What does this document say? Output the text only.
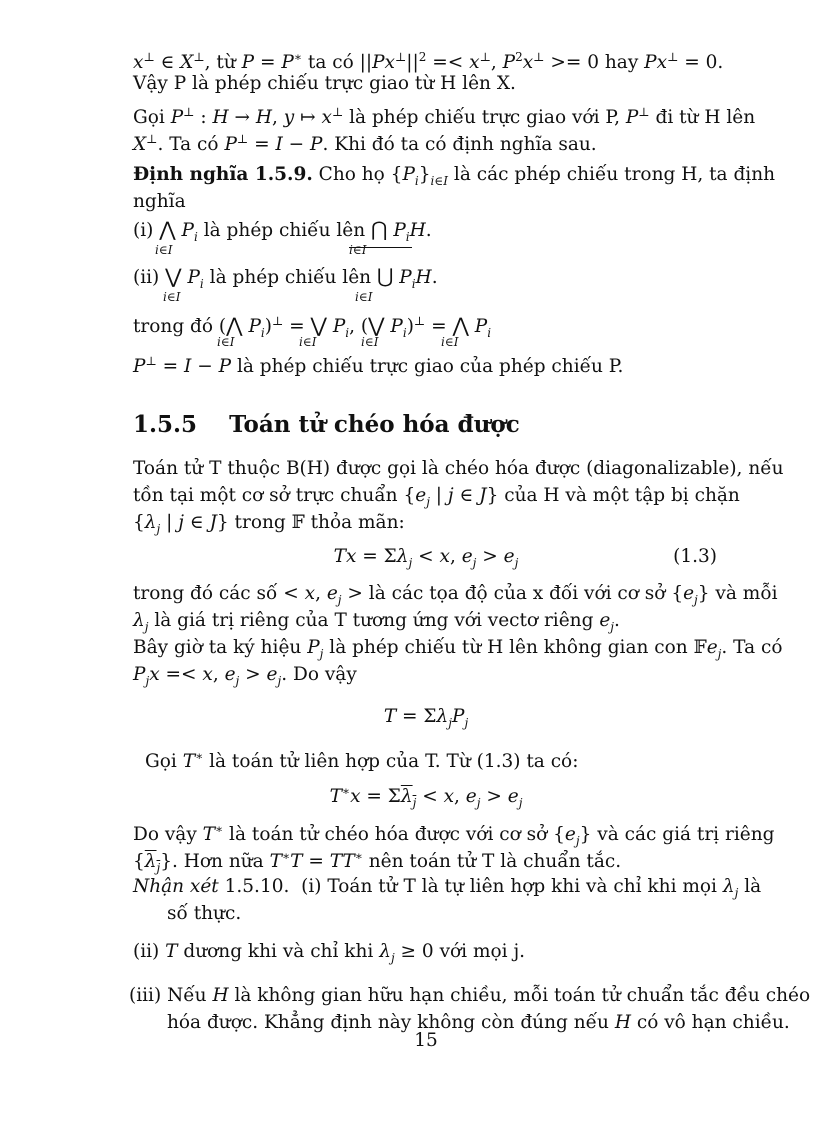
x⊥ ∈ X⊥, từ P = P∗ ta có $||Px^\perp||^2 =< x^\perp$, $P^2x^\perp >= 0$ hay Px⊥ = 0.
Vậy P là phép chiếu trực giao từ H lên X.
Gọi P⊥ : H → H, y ↦ x⊥ là phép chiếu trực giao với P, P⊥ đi từ H lên
X⊥. Ta có P⊥ = I − P. Khi đó ta có định nghĩa sau.
Định nghĩa 1.5.9. Cho họ $\{P_i\}_{i\in I}$ là các phép chiếu trong H, ta định
nghĩa
(i) ⋀ $P_i$ là phép chiếu lên ⋂ $P_iH$.
i∈I	i∈I
(ii) ⋁ $P_i$ là phép chiếu lên ⋃ $P_iH$.
i∈I	i∈I
trong đó (⋀ $P_i)^\perp$ = ⋁ $P_i$, (⋁ $P_i)^\perp$ = ⋀ $P_i$
i∈I	i∈I	i∈I	i∈I
P⊥ = I − P là phép chiếu trực giao của phép chiếu P.
1.5.5 Toán tử chéo hóa được
Toán tử T thuộc B(H) được gọi là chéo hóa được (diagonalizable), nếu
tồn tại một cơ sở trực chuẩn {$e_j$ | j ∈ J} của H và một tập bị chặn
{$\lambda_j$ | j ∈ J} trong 𝔽 thỏa mãn:
$Tx = \Sigma\lambda_j < x$, $e_j > e_j$	(1.3)
trong đó các số < x, $e_j$ > là các tọa độ của x đối với cơ sở $\{e_j\}$ và mỗi
$\lambda_j$ là giá trị riêng của T tương ứng với vectơ riêng $e_j$.
Bây giờ ta ký hiệu $P_j$ là phép chiếu từ H lên không gian con 𝔽e$_j$. Ta có
$P_jx =< x$, $e_j > e_j$. Do vậy
$T = \Sigma\lambda_jP_j$
Gọi T∗ là toán tử liên hợp của T. Từ (1.3) ta có:
$T^∗x = \Sigma\lambda_j < x$, $e_j > e_j$
Do vậy T∗ là toán tử chéo hóa được với cơ sở $\{e_j\}$ và các giá trị riêng
$\{\lambda_j\}$. Hơn nữa T∗T = TT∗ nên toán tử T là chuẩn tắc.
Nhận xét 1.5.10.  (i) Toán tử T là tự liên hợp khi và chỉ khi mọi $\lambda_j$ là
số thực.
(ii) T dương khi và chỉ khi $\lambda_j \ge 0$ với mọi j.
(iii) Nếu H là không gian hữu hạn chiều, mỗi toán tử chuẩn tắc đều chéo
hóa được. Khẳng định này không còn đúng nếu H có vô hạn chiều.
15
